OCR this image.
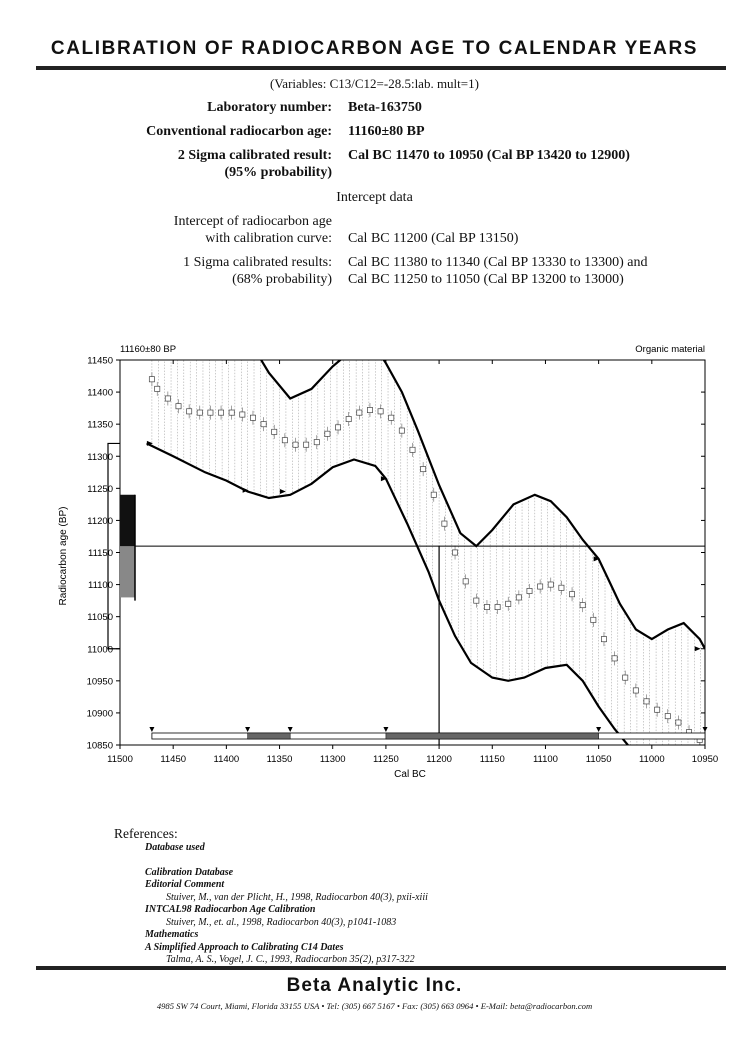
CALIBRATION OF RADIOCARBON AGE TO CALENDAR YEARS
(Variables: C13/C12=-28.5:lab. mult=1)
Laboratory number: Beta-163750
Conventional radiocarbon age: 11160±80 BP
2 Sigma calibrated result:
(95% probability)
Cal BC 11470 to 10950 (Cal BP 13420 to 12900)
Intercept data
Intercept of radiocarbon age
with calibration curve: Cal BC 11200 (Cal BP 13150)
1 Sigma calibrated results:
(68% probability)
Cal BC 11380 to 11340 (Cal BP 13330 to 13300) and
Cal BC 11250 to 11050 (Cal BP 13200 to 13000)
11160±80 BP	Organic material
Cal BC
Radiocarbon age (BP)
11450
11400
11350
11300
11250
11200
11150
11100
11050
11000
10950
10900
10850
11500	11450	11400	11350	11300	11250	11200	11150	11100	11050	11000	10950
References:
Database used
Calibration Database
Editorial Comment
Stuiver, M., van der Plicht, H., 1998, Radiocarbon 40(3), pxii-xiii
INTCAL98 Radiocarbon Age Calibration
Stuiver, M., et. al., 1998, Radiocarbon 40(3), p1041-1083
Mathematics
A Simplified Approach to Calibrating C14 Dates
Talma, A. S., Vogel, J. C., 1993, Radiocarbon 35(2), p317-322
Beta Analytic Inc.
4985 SW 74 Court, Miami, Florida 33155 USA • Tel: (305) 667 5167 • Fax: (305) 663 0964 • E-Mail: beta@radiocarbon.com
